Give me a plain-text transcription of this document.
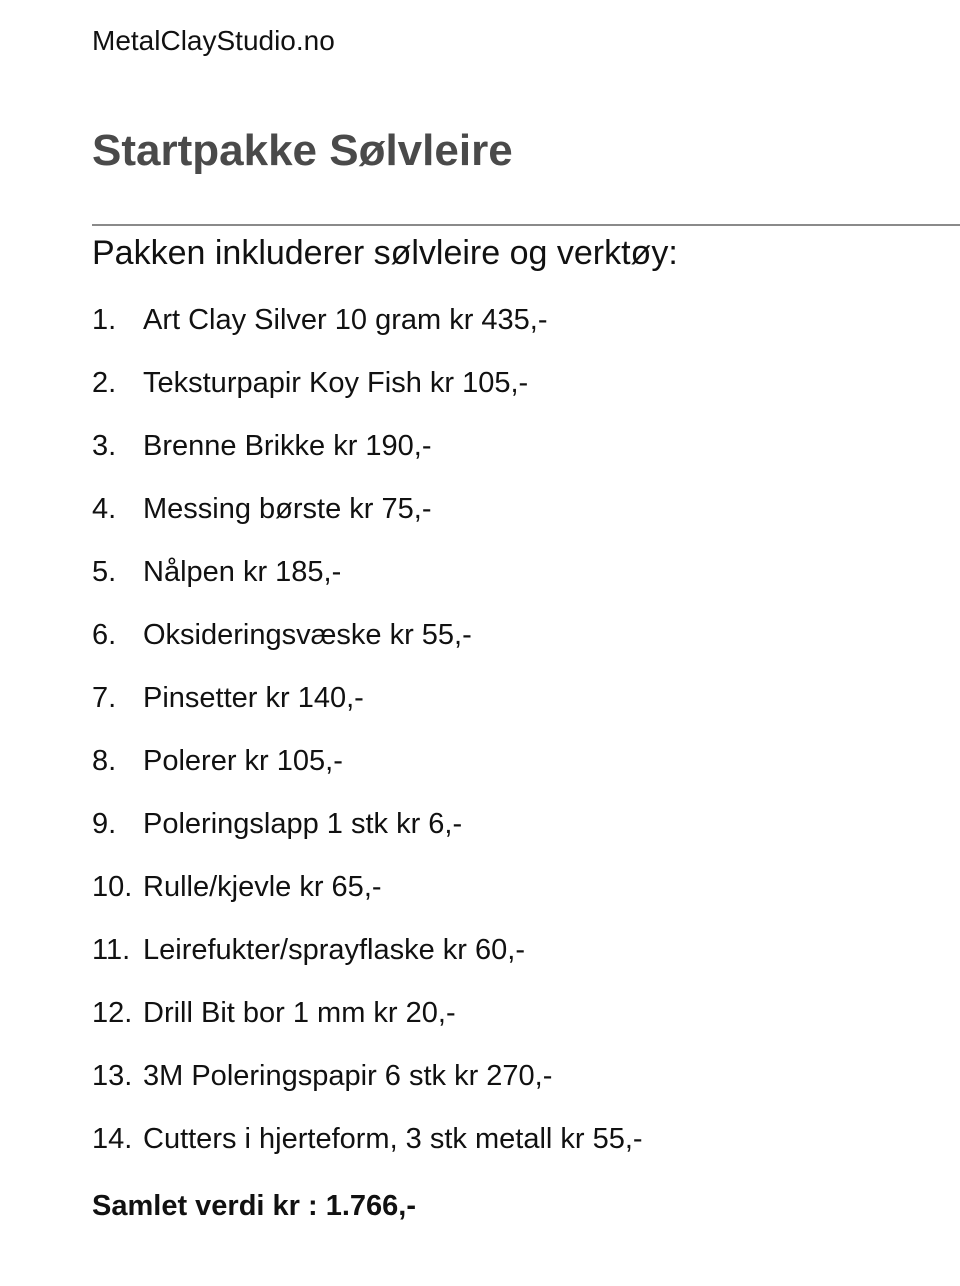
MetalClayStudio.no
Startpakke Sølvleire
Pakken inkluderer sølvleire og verktøy:
1. Art Clay Silver 10 gram kr 435,-
2. Teksturpapir Koy Fish kr 105,-
3. Brenne Brikke kr 190,-
4. Messing børste kr 75,-
5. Nålpen kr 185,-
6. Oksideringsvæske kr 55,-
7. Pinsetter kr 140,-
8. Polerer kr 105,-
9. Poleringslapp 1 stk kr 6,-
10. Rulle/kjevle kr 65,-
11. Leirefukter/sprayflaske kr 60,-
12. Drill Bit bor 1 mm kr 20,-
13. 3M Poleringspapir 6 stk kr 270,-
14. Cutters i hjerteform, 3 stk metall kr 55,-
Samlet verdi kr : 1.766,-
